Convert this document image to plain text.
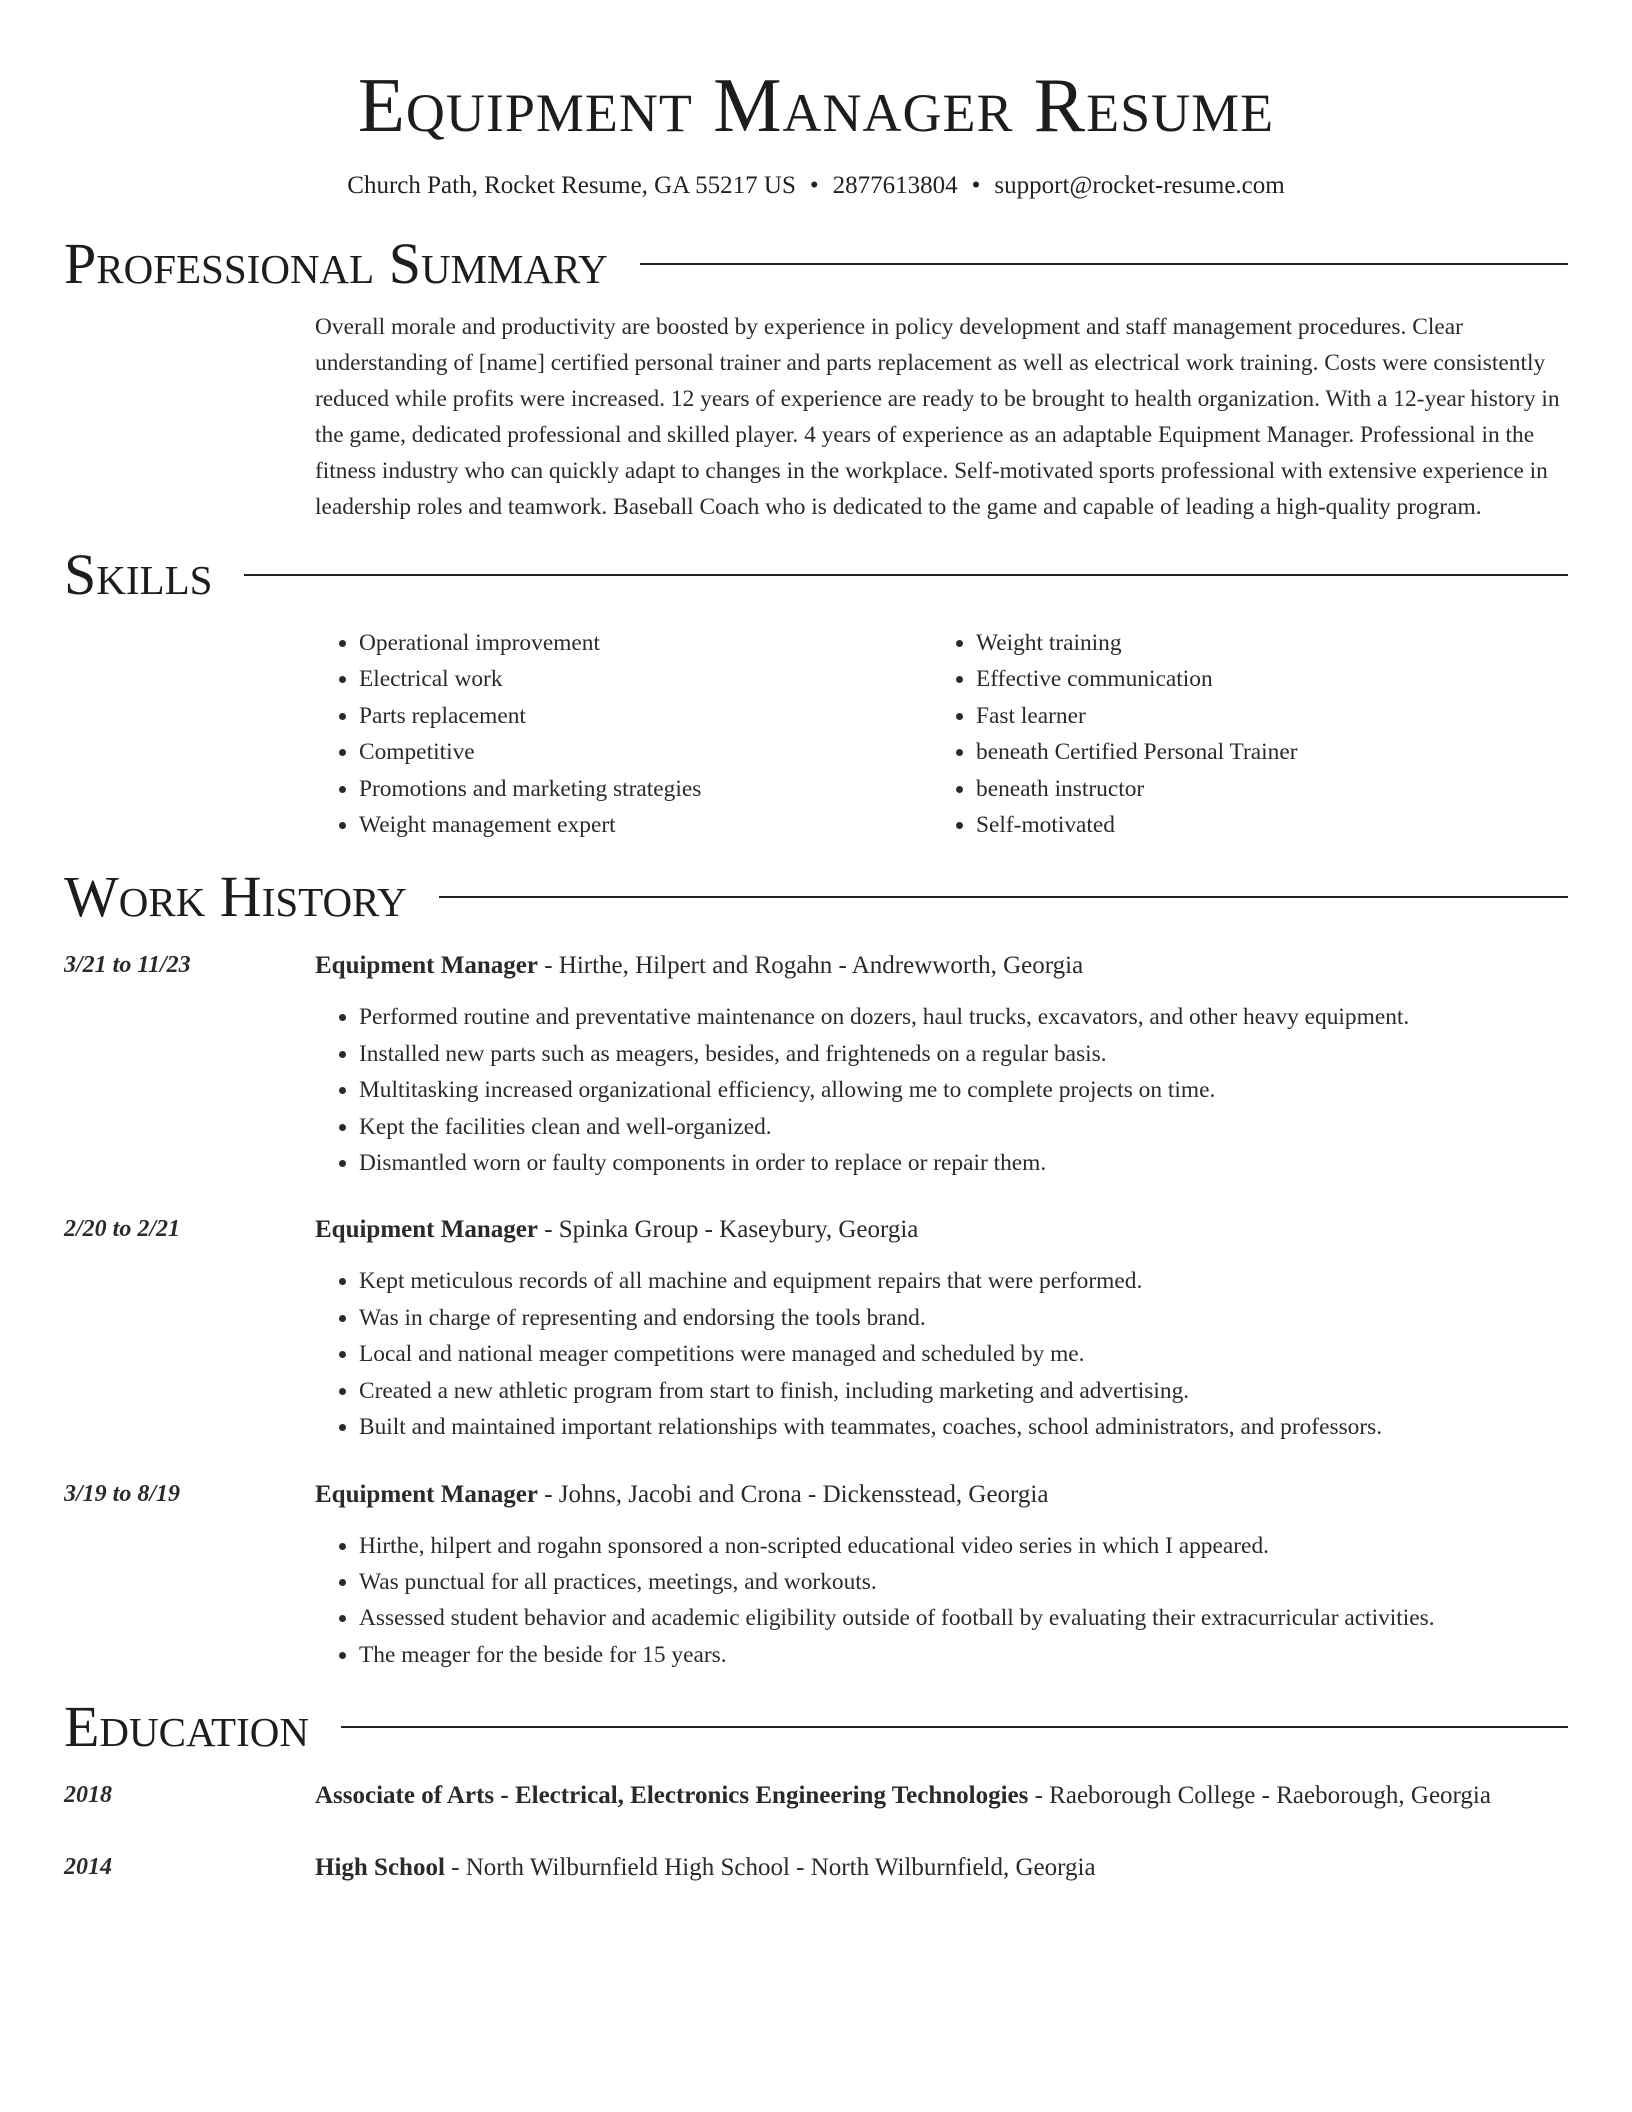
Equipment Manager Resume
Church Path, Rocket Resume, GA 55217 US • 2877613804 • support@rocket-resume.com
Professional Summary
Overall morale and productivity are boosted by experience in policy development and staff management procedures. Clear understanding of [name] certified personal trainer and parts replacement as well as electrical work training. Costs were consistently reduced while profits were increased. 12 years of experience are ready to be brought to health organization. With a 12-year history in the game, dedicated professional and skilled player. 4 years of experience as an adaptable Equipment Manager. Professional in the fitness industry who can quickly adapt to changes in the workplace. Self-motivated sports professional with extensive experience in leadership roles and teamwork. Baseball Coach who is dedicated to the game and capable of leading a high-quality program.
Skills
• Operational improvement
• Electrical work
• Parts replacement
• Competitive
• Promotions and marketing strategies
• Weight management expert
• Weight training
• Effective communication
• Fast learner
• beneath Certified Personal Trainer
• beneath instructor
• Self-motivated
Work History
3/21 to 11/23	Equipment Manager - Hirthe, Hilpert and Rogahn - Andrewworth, Georgia
• Performed routine and preventative maintenance on dozers, haul trucks, excavators, and other heavy equipment.
• Installed new parts such as meagers, besides, and frighteneds on a regular basis.
• Multitasking increased organizational efficiency, allowing me to complete projects on time.
• Kept the facilities clean and well-organized.
• Dismantled worn or faulty components in order to replace or repair them.
2/20 to 2/21	Equipment Manager - Spinka Group - Kaseybury, Georgia
• Kept meticulous records of all machine and equipment repairs that were performed.
• Was in charge of representing and endorsing the tools brand.
• Local and national meager competitions were managed and scheduled by me.
• Created a new athletic program from start to finish, including marketing and advertising.
• Built and maintained important relationships with teammates, coaches, school administrators, and professors.
3/19 to 8/19	Equipment Manager - Johns, Jacobi and Crona - Dickensstead, Georgia
• Hirthe, hilpert and rogahn sponsored a non-scripted educational video series in which I appeared.
• Was punctual for all practices, meetings, and workouts.
• Assessed student behavior and academic eligibility outside of football by evaluating their extracurricular activities.
• The meager for the beside for 15 years.
Education
2018	Associate of Arts - Electrical, Electronics Engineering Technologies - Raeborough College - Raeborough, Georgia
2014	High School - North Wilburnfield High School - North Wilburnfield, Georgia
